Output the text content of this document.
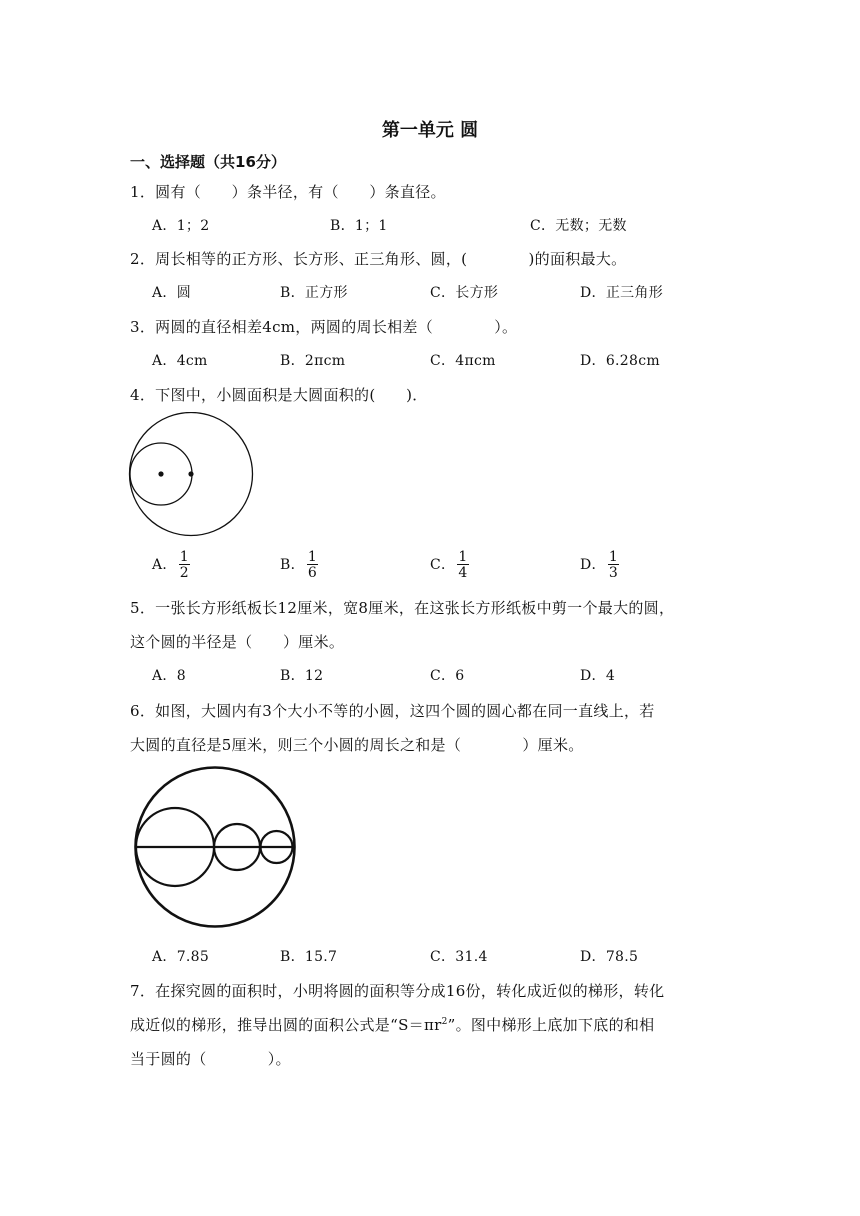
第一单元 圆
一、选择题（共16分）
1．圆有（　　）条半径，有（　　）条直径。
A．1；2	B．1；1	C．无数；无数
2．周长相等的正方形、长方形、正三角形、圆，(　　　　)的面积最大。
A．圆	B．正方形	C．长方形	D．正三角形
3．两圆的直径相差4cm，两圆的周长相差（　　　　）。
A．4cm	B．2πcm	C．4πcm	D．6.28cm
4．下图中，小圆面积是大圆面积的(　　)．
A． $\frac{1}{2}$	B． $\frac{1}{6}$	C． $\frac{1}{4}$	D． $\frac{1}{3}$
5．一张长方形纸板长12厘米，宽8厘米，在这张长方形纸板中剪一个最大的圆，
这个圆的半径是（　　）厘米。
A．8	B．12	C．6	D．4
6．如图，大圆内有3个大小不等的小圆，这四个圆的圆心都在同一直线上，若
大圆的直径是5厘米，则三个小圆的周长之和是（　　　　）厘米。
A．7.85	B．15.7	C．31.4	D．78.5
7．在探究圆的面积时，小明将圆的面积等分成16份，转化成近似的梯形，转化
成近似的梯形，推导出圆的面积公式是“$S=\pi r^2$”。图中梯形上底加下底的和相
当于圆的（　　　　）。
